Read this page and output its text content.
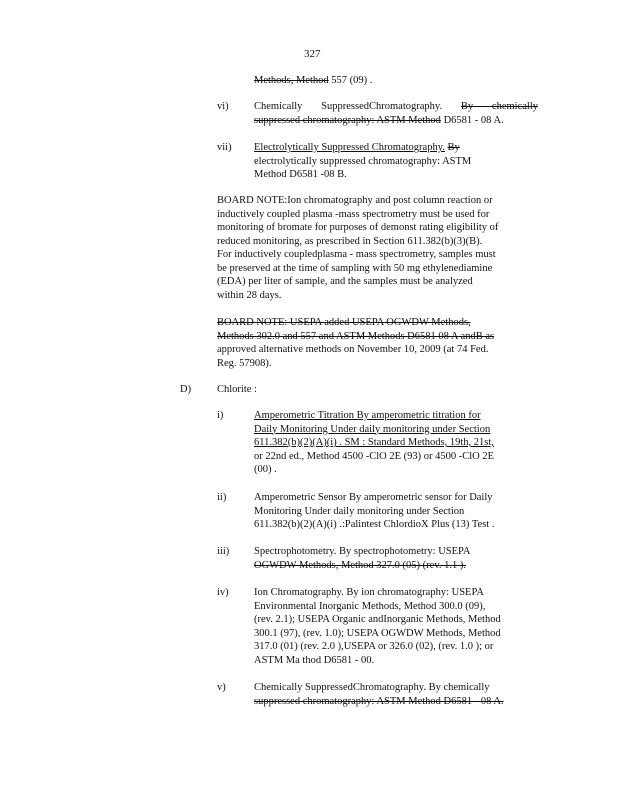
327
Methods, Method 557 (09) .
vi) Chemically SuppressedChromatography. By chemically
suppressed chromatography: ASTM Method D6581 - 08 A.
vii) Electrolytically Suppressed Chromatography. By
electrolytically suppressed chromatography: ASTM
Method D6581 -08 B.
BOARD NOTE:Ion chromatography and post column reaction or
inductively coupled plasma -mass spectrometry must be used for
monitoring of bromate for purposes of demonst rating eligibility of
reduced monitoring, as prescribed in Section 611.382(b)(3)(B).
For inductively coupledplasma - mass spectrometry, samples must
be preserved at the time of sampling with 50 mg ethylenediamine
(EDA) per liter of sample, and the samples must be analyzed
within 28 days.
BOARD NOTE: USEPA added USEPA OGWDW Methods,
Methods 302.0 and 557 and ASTM Methods D6581 08 A andB as
approved alternative methods on November 10, 2009 (at 74 Fed.
Reg. 57908).
D) Chlorite :
i)	Amperometric Titration By amperometric titration for
Daily Monitoring Under daily monitoring under Section
611.382(b)(2)(A)(i) . SM : Standard Methods, 19th, 21st,
or 22nd ed., Method 4500 -ClO 2E (93) or 4500 -ClO 2E
(00) .
ii)	Amperometric Sensor By amperometric sensor for Daily
Monitoring Under daily monitoring under Section
611.382(b)(2)(A)(i) .:Palintest ChlordioX Plus (13) Test .
iii) Spectrophotometry. By spectrophotometry: USEPA
OGWDW Methods, Method 327.0 (05) (rev. 1.1 ).
iv) Ion Chromatography. By ion chromatography: USEPA
Environmental Inorganic Methods, Method 300.0 (09),
(rev. 2.1); USEPA Organic andInorganic Methods, Method
300.1 (97), (rev. 1.0); USEPA OGWDW Methods, Method
317.0 (01) (rev. 2.0 ),USEPA or 326.0 (02), (rev. 1.0 ); or
ASTM Ma thod D6581 - 00.
v)	Chemically SuppressedChromatography. By chemically
suppressed chromatography: ASTM Method D6581 - 08 A.
